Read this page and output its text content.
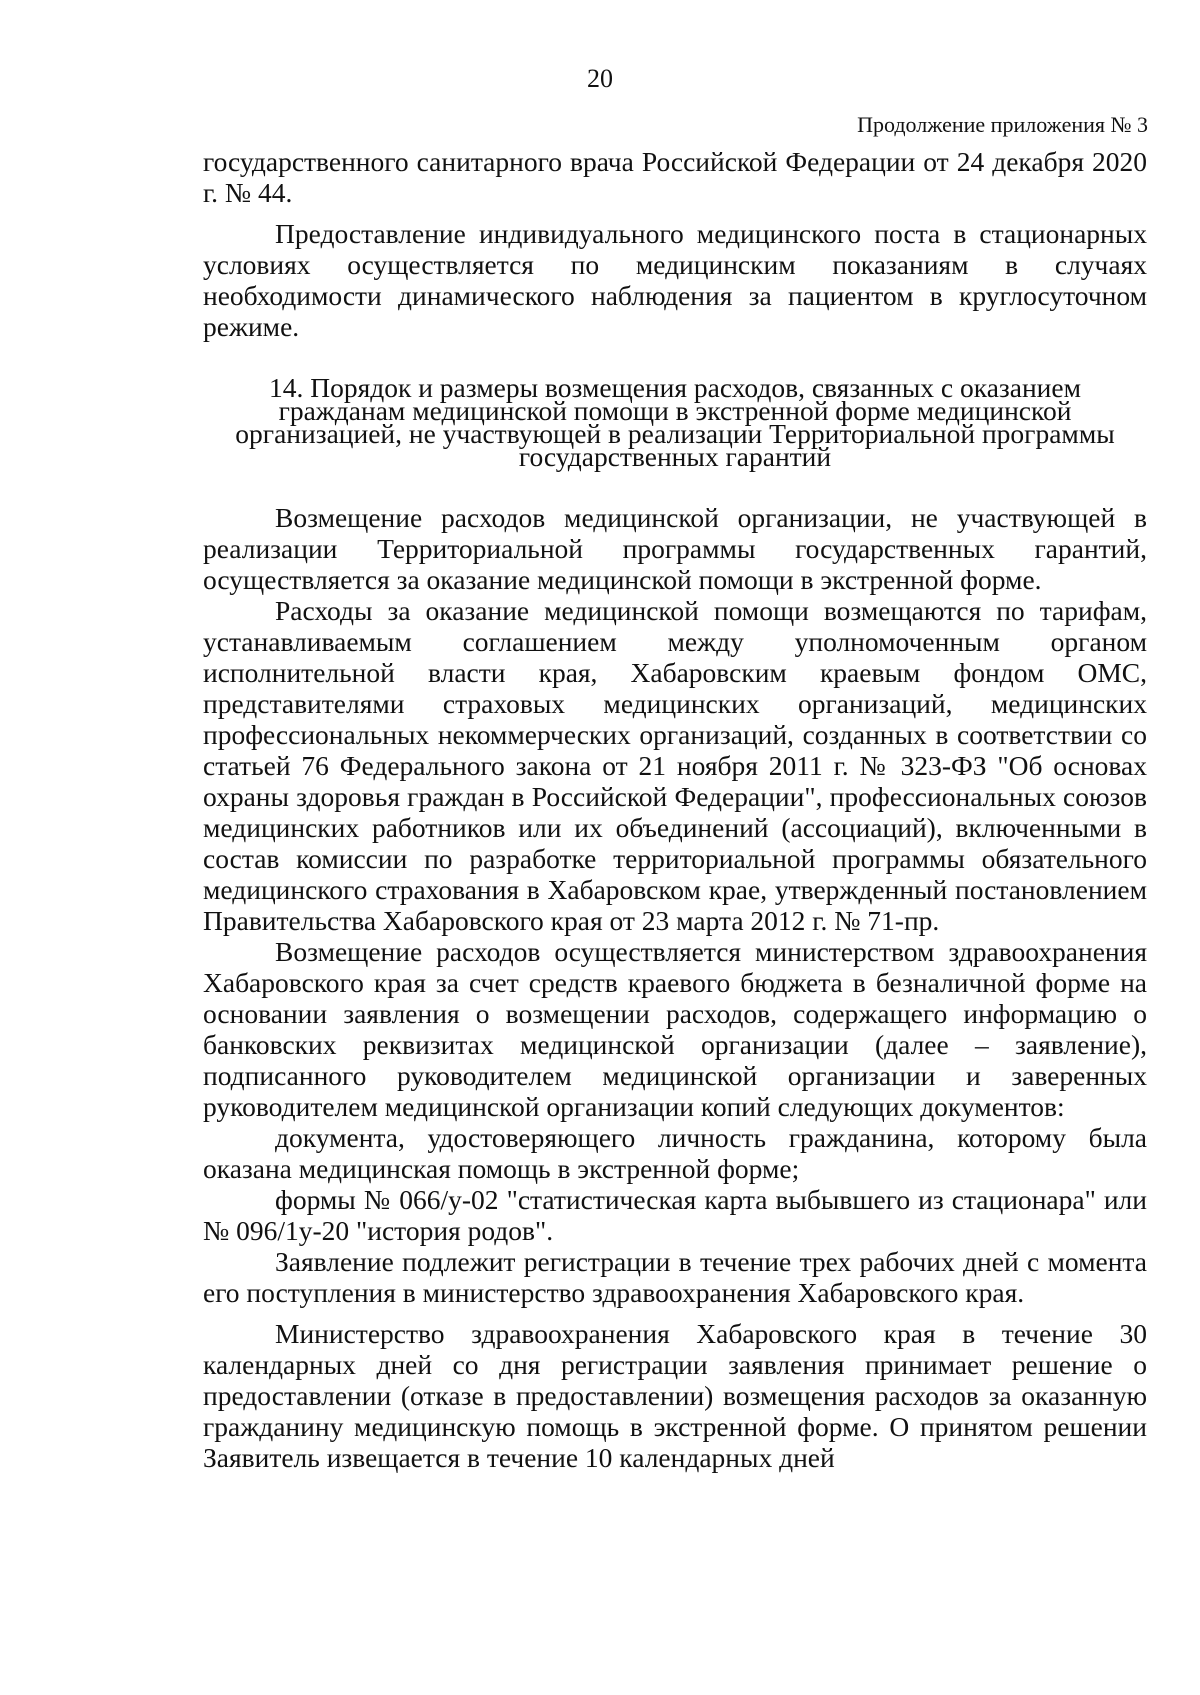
20
Продолжение приложения № 3

государственного санитарного врача Российской Федерации от 24 декабря 2020 г. № 44.

Предоставление индивидуального медицинского поста в стационарных условиях осуществляется по медицинским показаниям в случаях необходимости динамического наблюдения за пациентом в круглосуточном режиме.

14. Порядок и размеры возмещения расходов, связанных с оказанием гражданам медицинской помощи в экстренной форме медицинской организацией, не участвующей в реализации Территориальной программы государственных гарантий

Возмещение расходов медицинской организации, не участвующей в реализации Территориальной программы государственных гарантий, осуществляется за оказание медицинской помощи в экстренной форме.

Расходы за оказание медицинской помощи возмещаются по тарифам, устанавливаемым соглашением между уполномоченным органом исполнительной власти края, Хабаровским краевым фондом ОМС, представителями страховых медицинских организаций, медицинских профессиональных некоммерческих организаций, созданных в соответствии со статьей 76 Федерального закона от 21 ноября 2011 г. № 323-ФЗ "Об основах охраны здоровья граждан в Российской Федерации", профессиональных союзов медицинских работников или их объединений (ассоциаций), включенными в состав комиссии по разработке территориальной программы обязательного медицинского страхования в Хабаровском крае, утвержденный постановлением Правительства Хабаровского края от 23 марта 2012 г. № 71-пр.

Возмещение расходов осуществляется министерством здравоохранения Хабаровского края за счет средств краевого бюджета в безналичной форме на основании заявления о возмещении расходов, содержащего информацию о банковских реквизитах медицинской организации (далее – заявление), подписанного руководителем медицинской организации и заверенных руководителем медицинской организации копий следующих документов:

документа, удостоверяющего личность гражданина, которому была оказана медицинская помощь в экстренной форме;

формы № 066/у-02 "статистическая карта выбывшего из стационара" или № 096/1у-20 "история родов".

Заявление подлежит регистрации в течение трех рабочих дней с момента его поступления в министерство здравоохранения Хабаровского края.

Министерство здравоохранения Хабаровского края в течение 30 календарных дней со дня регистрации заявления принимает решение о предоставлении (отказе в предоставлении) возмещения расходов за оказанную гражданину медицинскую помощь в экстренной форме. О принятом решении Заявитель извещается в течение 10 календарных дней
